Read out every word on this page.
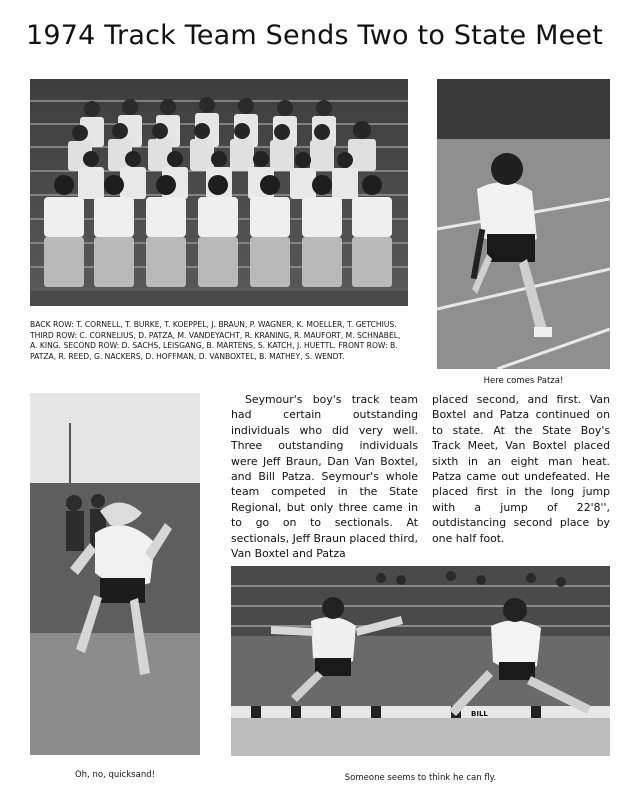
1974 Track Team Sends Two to State Meet
BACK ROW: T. CORNELL, T. BURKE, T. KOEPPEL, J. BRAUN, P. WAGNER, K. MOELLER, T. GETCHIUS. THIRD ROW: C. CORNELIUS, D. PATZA, M. VANDEYACHT, R. KRANING, R. MAUFORT, M. SCHNABEL, A. KING. SECOND ROW: D. SACHS, LEISGANG, B. MARTENS, S. KATCH, J. HUETTL. FRONT ROW: B. PATZA, R. REED, G. NACKERS, D. HOFFMAN, D. VANBOXTEL, B. MATHEY, S. WENDT.
Here comes Patza!
Oh, no, quicksand!

Seymour's boy's track team had certain outstanding individuals who did very well. Three outstanding individuals were Jeff Braun, Dan Van Boxtel, and Bill Patza. Seymour's whole team competed in the State Regional, but only three came in to go on to sectionals. At sectionals, Jeff Braun placed third, Van Boxtel and Patza

placed second, and first. Van Boxtel and Patza continued on to state. At the State Boy's Track Meet, Van Boxtel placed sixth in an eight man heat. Patza came out undefeated. He placed first in the long jump with a jump of 22'8'', outdistancing second place by one half foot.

BILL
Someone seems to think he can fly.
